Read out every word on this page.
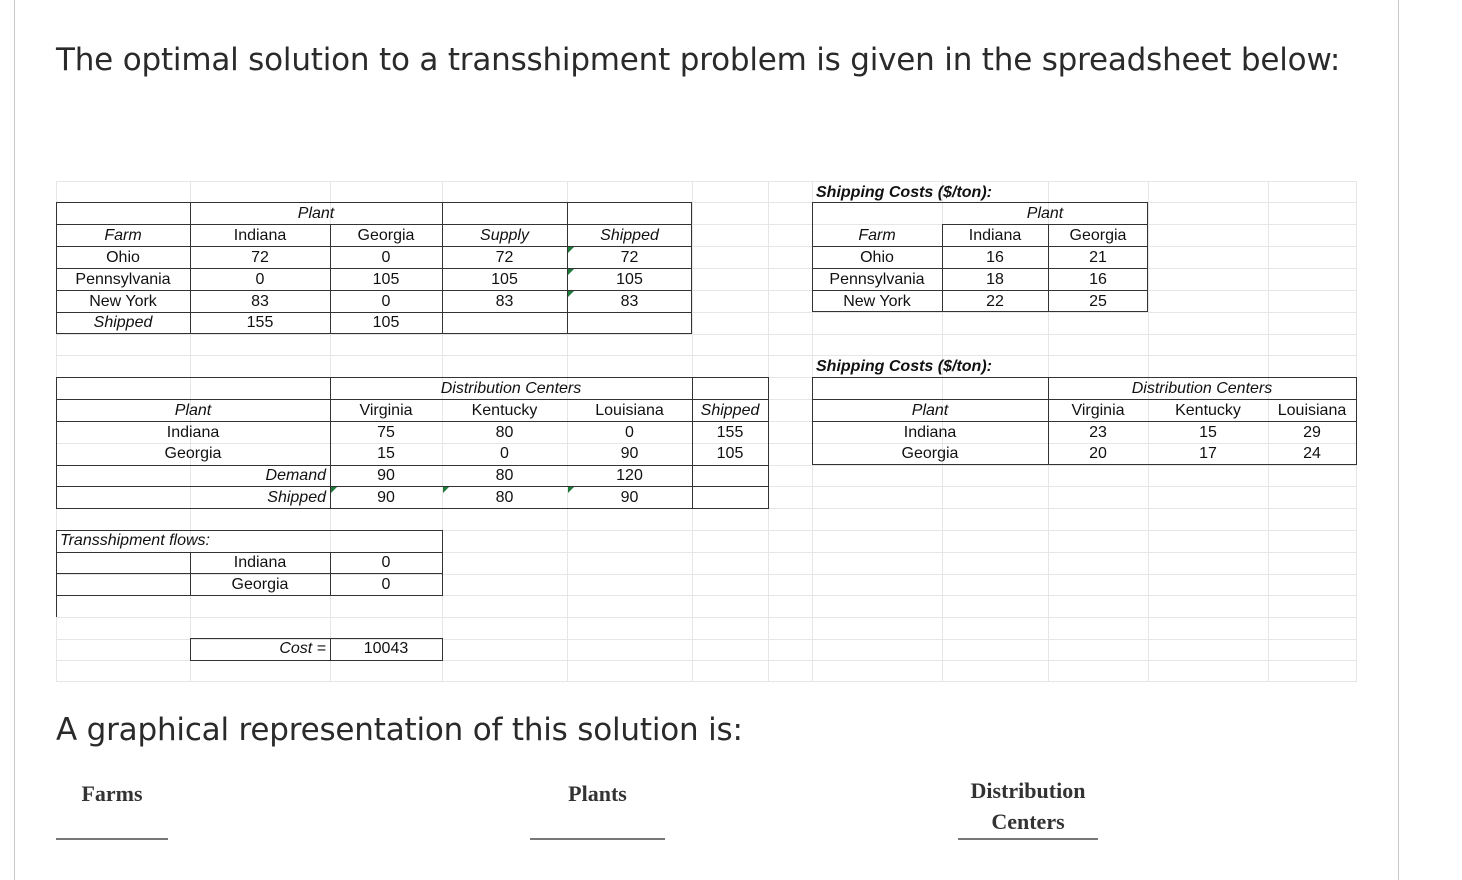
The optimal solution to a transshipment problem is given in the spreadsheet below:
Plant
Farm	Indiana	Georgia	Supply	Shipped
Ohio	72	0	72	72
Pennsylvania	0	105	105	105
New York	83	0	83	83
Shipped	155	105
Shipping Costs ($/ton):
Plant
Farm	Indiana	Georgia
Ohio	16	21
Pennsylvania	18	16
New York	22	25
Distribution Centers
Plant	Virginia	Kentucky	Louisiana	Shipped
Indiana	75	80	0	155
Georgia	15	0	90	105
Demand	90	80	120
Shipped	90	80	90
Shipping Costs ($/ton):
Distribution Centers
Plant	Virginia	Kentucky	Louisiana
Indiana	23	15	29
Georgia	20	17	24
Transshipment flows:
Indiana	0
Georgia	0
Cost =	10043
A graphical representation of this solution is:
Farms	Plants	Distribution
Centers
